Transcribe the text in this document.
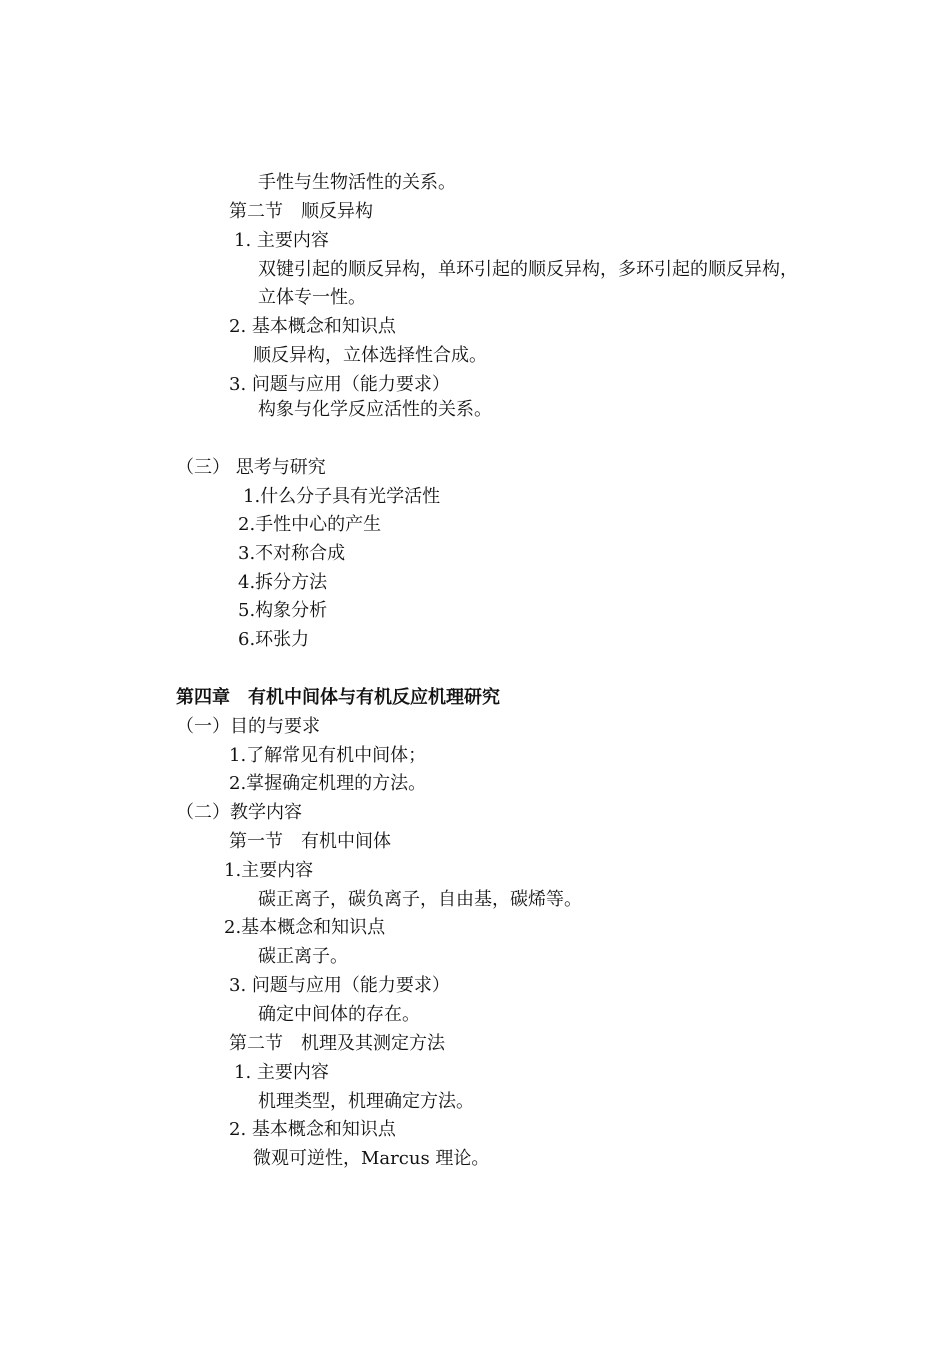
手性与生物活性的关系。
第二节　顺反异构
1. 主要内容
双键引起的顺反异构，单环引起的顺反异构，多环引起的顺反异构，
立体专一性。
2. 基本概念和知识点
顺反异构，立体选择性合成。
3. 问题与应用（能力要求）
构象与化学反应活性的关系。
（三） 思考与研究
1.什么分子具有光学活性
2.手性中心的产生
3.不对称合成
4.拆分方法
5.构象分析
6.环张力
第四章　有机中间体与有机反应机理研究
（一）目的与要求
1.了解常见有机中间体；
2.掌握确定机理的方法。
（二）教学内容
第一节　有机中间体
1.主要内容
碳正离子，碳负离子，自由基，碳烯等。
2.基本概念和知识点
碳正离子。
3. 问题与应用（能力要求）
确定中间体的存在。
第二节　机理及其测定方法
1. 主要内容
机理类型，机理确定方法。
2. 基本概念和知识点
微观可逆性，Marcus 理论。
